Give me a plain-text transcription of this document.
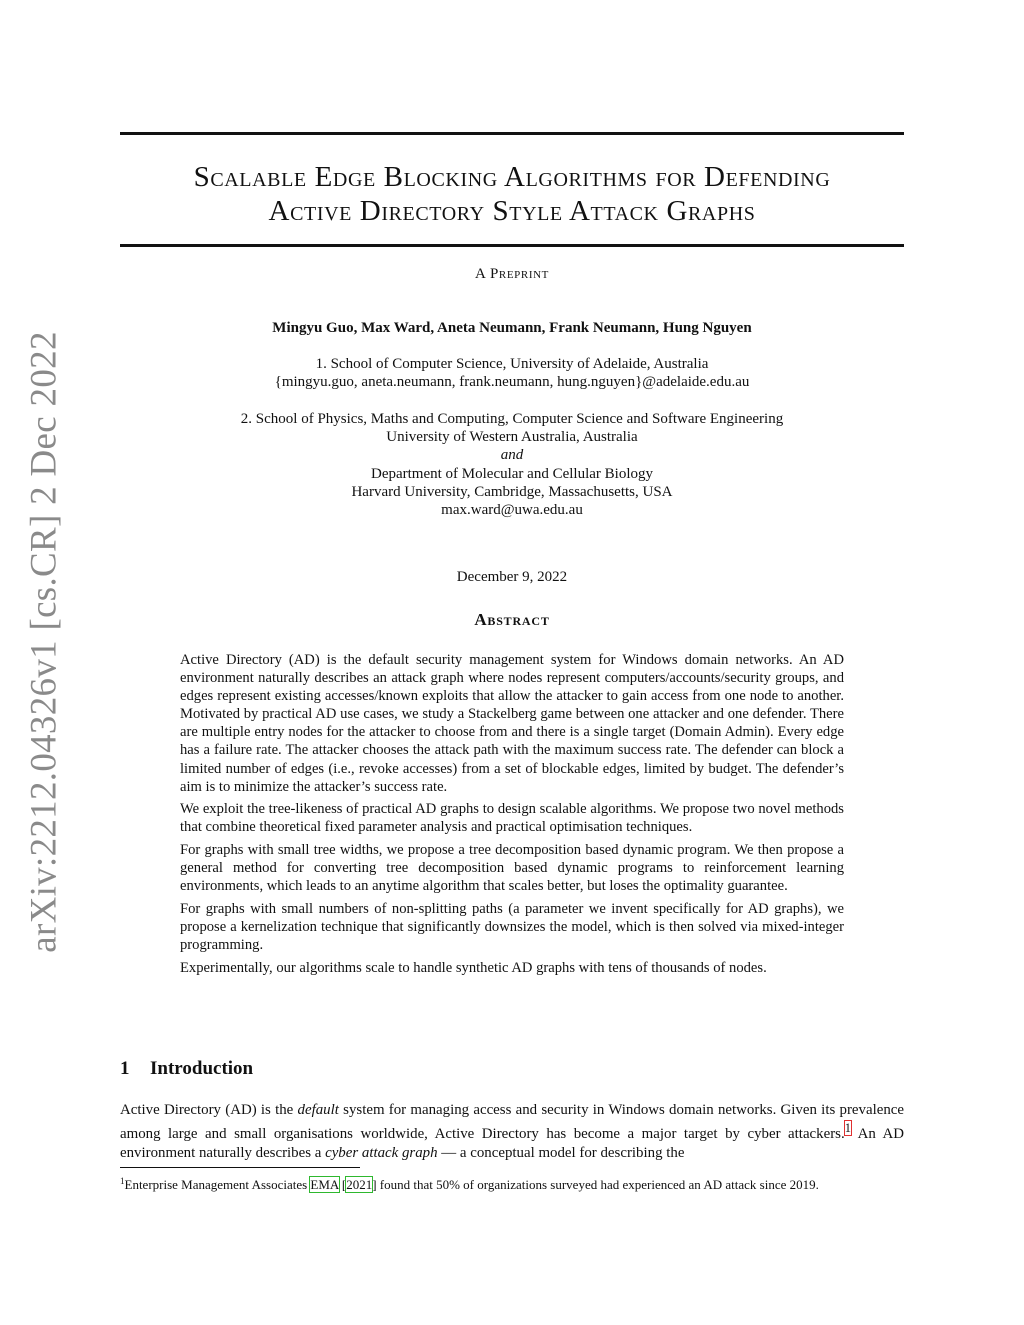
arXiv:2212.04326v1 [cs.CR] 2 Dec 2022
Scalable Edge Blocking Algorithms for Defending
Active Directory Style Attack Graphs
A Preprint
Mingyu Guo, Max Ward, Aneta Neumann, Frank Neumann, Hung Nguyen
1. School of Computer Science, University of Adelaide, Australia
{mingyu.guo, aneta.neumann, frank.neumann, hung.nguyen}@adelaide.edu.au
2. School of Physics, Maths and Computing, Computer Science and Software Engineering
University of Western Australia, Australia
and
Department of Molecular and Cellular Biology
Harvard University, Cambridge, Massachusetts, USA
max.ward@uwa.edu.au
December 9, 2022
Abstract

Active Directory (AD) is the default security management system for Windows domain networks. An AD environment naturally describes an attack graph where nodes represent computers/accounts/security groups, and edges represent existing accesses/known exploits that allow the attacker to gain access from one node to another. Motivated by practical AD use cases, we study a Stackelberg game between one attacker and one defender. There are multiple entry nodes for the attacker to choose from and there is a single target (Domain Admin). Every edge has a failure rate. The attacker chooses the attack path with the maximum success rate. The defender can block a limited number of edges (i.e., revoke accesses) from a set of blockable edges, limited by budget. The defender’s aim is to minimize the attacker’s success rate.

We exploit the tree-likeness of practical AD graphs to design scalable algorithms. We propose two novel methods that combine theoretical fixed parameter analysis and practical optimisation techniques.

For graphs with small tree widths, we propose a tree decomposition based dynamic program. We then propose a general method for converting tree decomposition based dynamic programs to reinforcement learning environments, which leads to an anytime algorithm that scales better, but loses the optimality guarantee.

For graphs with small numbers of non-splitting paths (a parameter we invent specifically for AD graphs), we propose a kernelization technique that significantly downsizes the model, which is then solved via mixed-integer programming.

Experimentally, our algorithms scale to handle synthetic AD graphs with tens of thousands of nodes.

1 Introduction

Active Directory (AD) is the default system for managing access and security in Windows domain networks. Given its prevalence among large and small organisations worldwide, Active Directory has become a major target by cyber attackers.$^1$ An AD environment naturally describes a cyber attack graph — a conceptual model for describing the

$^1$Enterprise Management Associates EMA [2021] found that 50% of organizations surveyed had experienced an AD attack since 2019.
